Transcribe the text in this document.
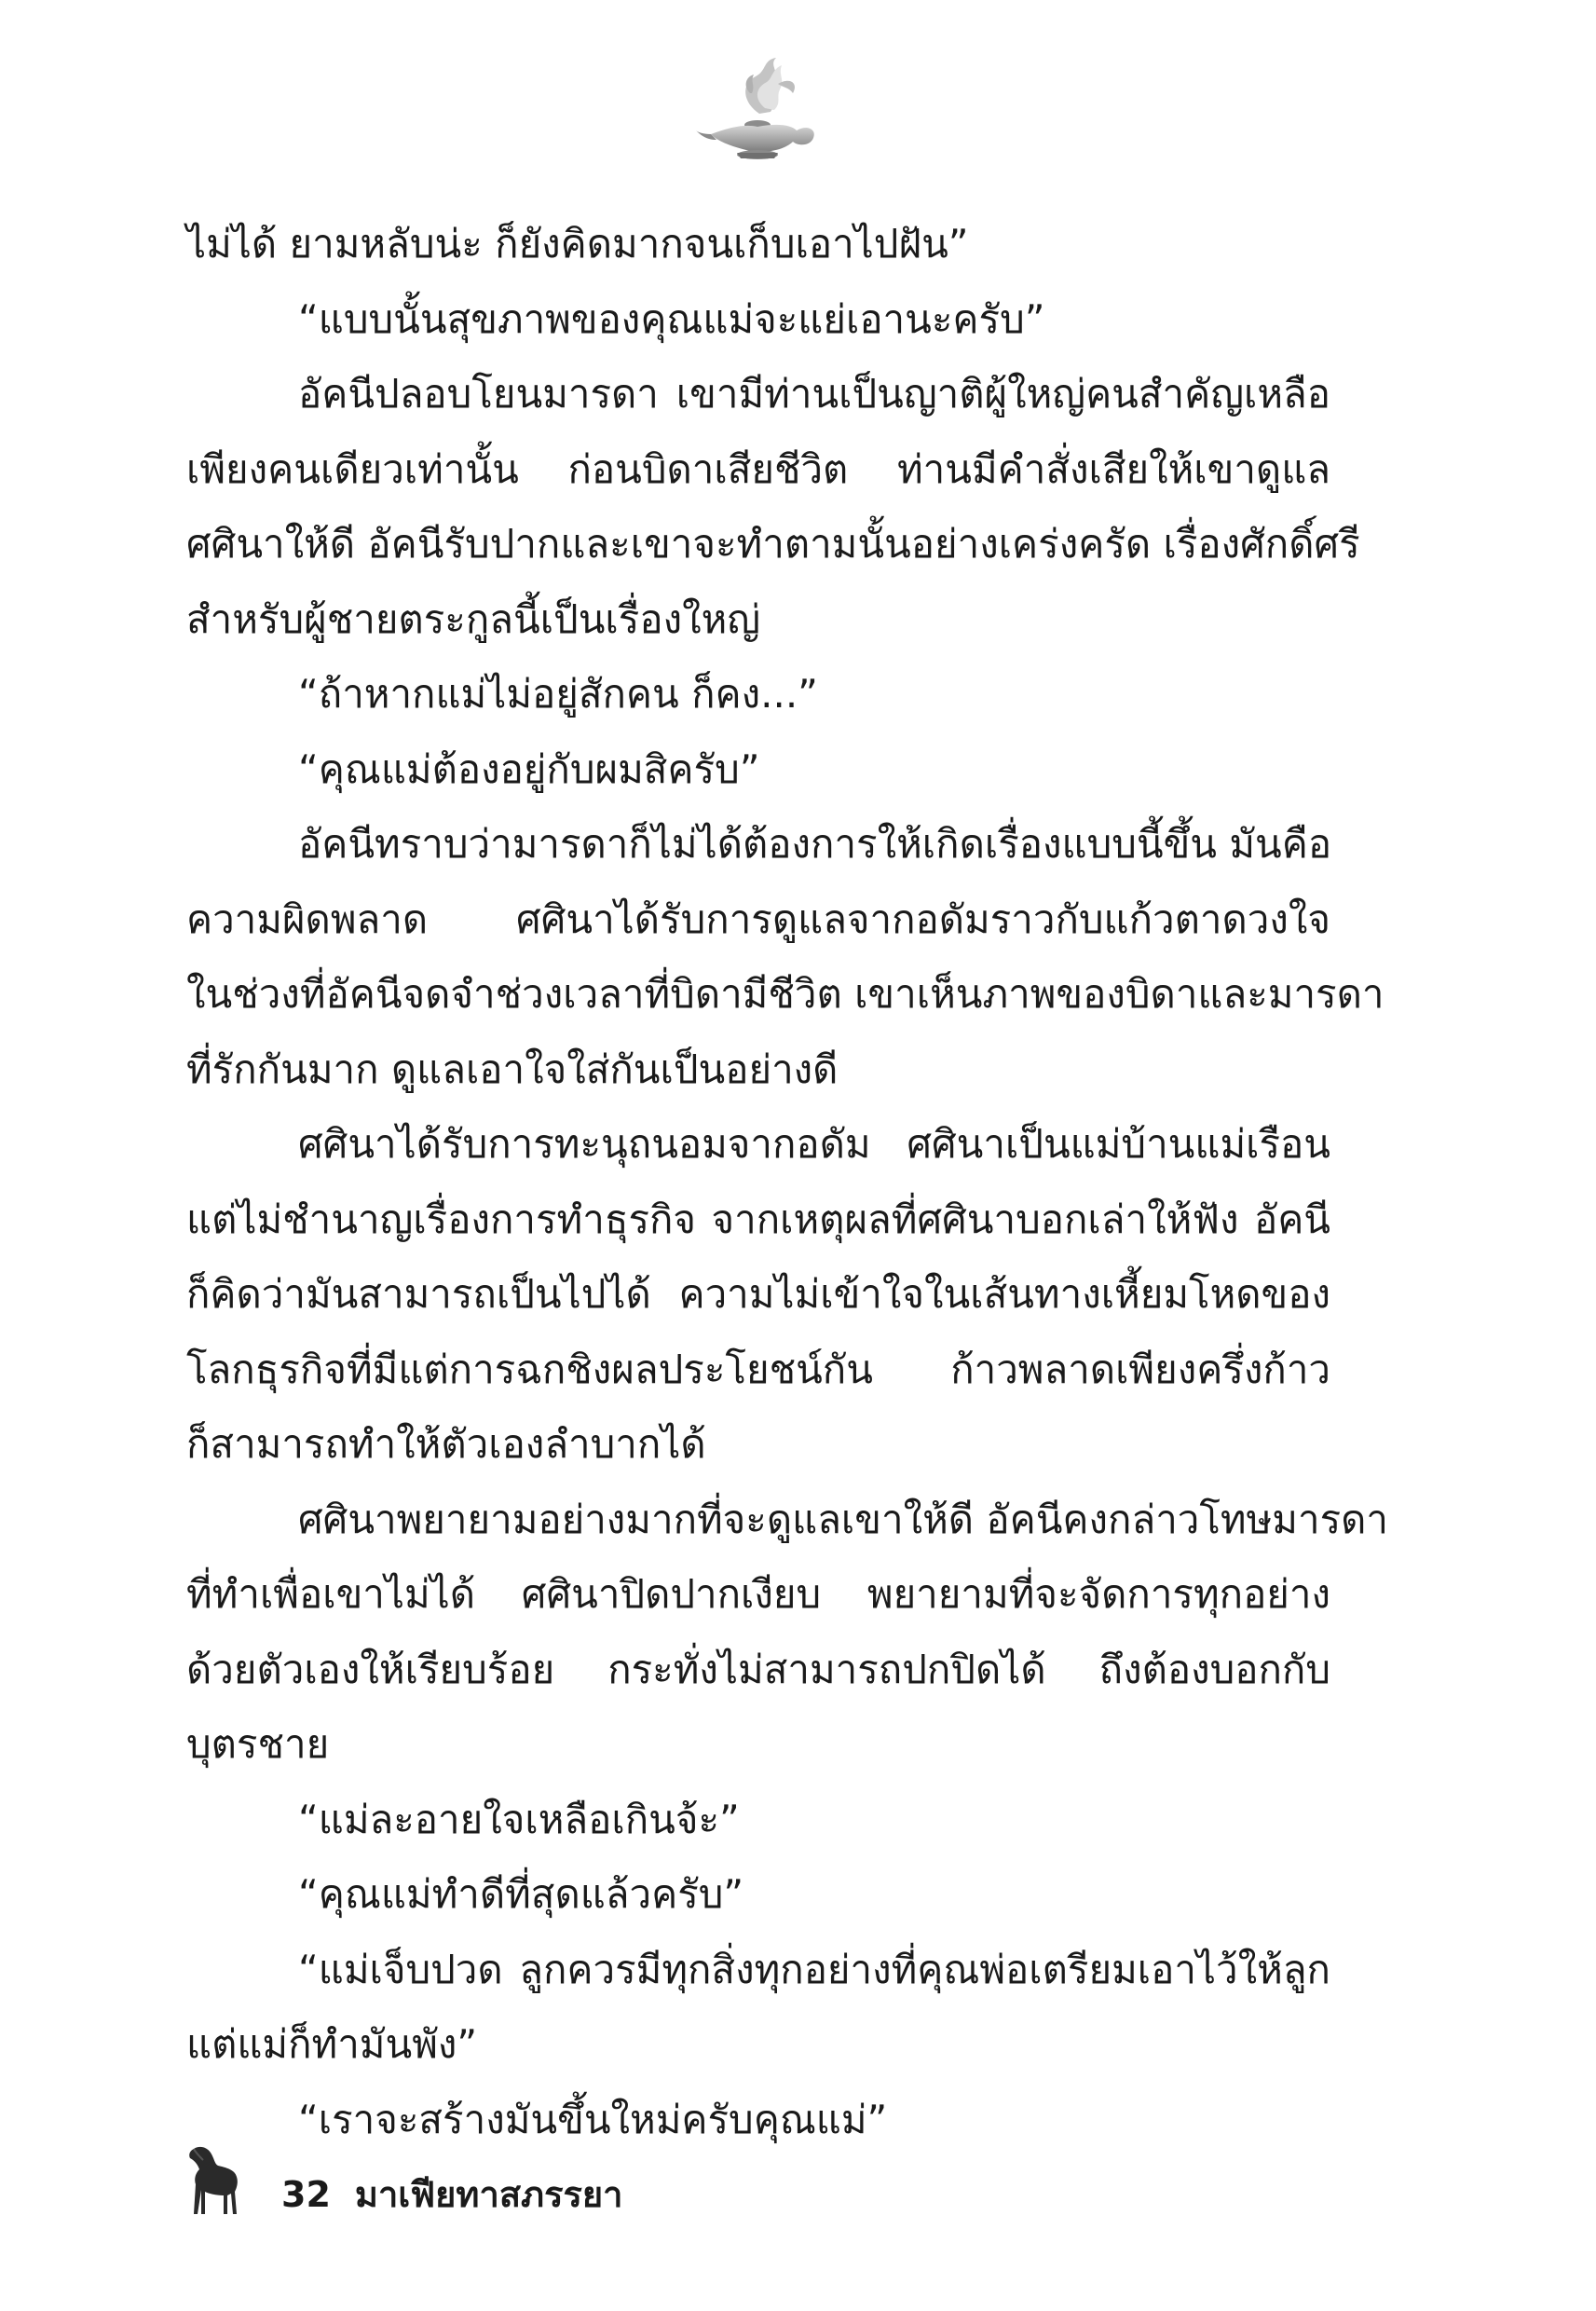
ไม่ได้ ยามหลับน่ะ ก็ยังคิดมากจนเก็บเอาไปฝัน”
“แบบนั้นสุขภาพของคุณแม่จะแย่เอานะครับ”
อัคนีปลอบโยนมารดา เขามีท่านเป็นญาติผู้ใหญ่คนสำคัญเหลือ
เพียงคนเดียวเท่านั้น ก่อนบิดาเสียชีวิต ท่านมีคำสั่งเสียให้เขาดูแล
ศศินาให้ดี อัคนีรับปากและเขาจะทำตามนั้นอย่างเคร่งครัด เรื่องศักดิ์ศรี
สำหรับผู้ชายตระกูลนี้เป็นเรื่องใหญ่
“ถ้าหากแม่ไม่อยู่สักคน ก็คง...”
“คุณแม่ต้องอยู่กับผมสิครับ”
อัคนีทราบว่ามารดาก็ไม่ได้ต้องการให้เกิดเรื่องแบบนี้ขึ้น มันคือ
ความผิดพลาด ศศินาได้รับการดูแลจากอดัมราวกับแก้วตาดวงใจ
ในช่วงที่อัคนีจดจำช่วงเวลาที่บิดามีชีวิต เขาเห็นภาพของบิดาและมารดา
ที่รักกันมาก ดูแลเอาใจใส่กันเป็นอย่างดี
ศศินาได้รับการทะนุถนอมจากอดัม ศศินาเป็นแม่บ้านแม่เรือน
แต่ไม่ชำนาญเรื่องการทำธุรกิจ จากเหตุผลที่ศศินาบอกเล่าให้ฟัง อัคนี
ก็คิดว่ามันสามารถเป็นไปได้ ความไม่เข้าใจในเส้นทางเหี้ยมโหดของ
โลกธุรกิจที่มีแต่การฉกชิงผลประโยชน์กัน ก้าวพลาดเพียงครึ่งก้าว
ก็สามารถทำให้ตัวเองลำบากได้
ศศินาพยายามอย่างมากที่จะดูแลเขาให้ดี อัคนีคงกล่าวโทษมารดา
ที่ทำเพื่อเขาไม่ได้ ศศินาปิดปากเงียบ พยายามที่จะจัดการทุกอย่าง
ด้วยตัวเองให้เรียบร้อย กระทั่งไม่สามารถปกปิดได้ ถึงต้องบอกกับ
บุตรชาย
“แม่ละอายใจเหลือเกินจ้ะ”
“คุณแม่ทำดีที่สุดแล้วครับ”
“แม่เจ็บปวด ลูกควรมีทุกสิ่งทุกอย่างที่คุณพ่อเตรียมเอาไว้ให้ลูก
แต่แม่ก็ทำมันพัง”
“เราจะสร้างมันขึ้นใหม่ครับคุณแม่”
32 มาเฟียทาสภรรยา
